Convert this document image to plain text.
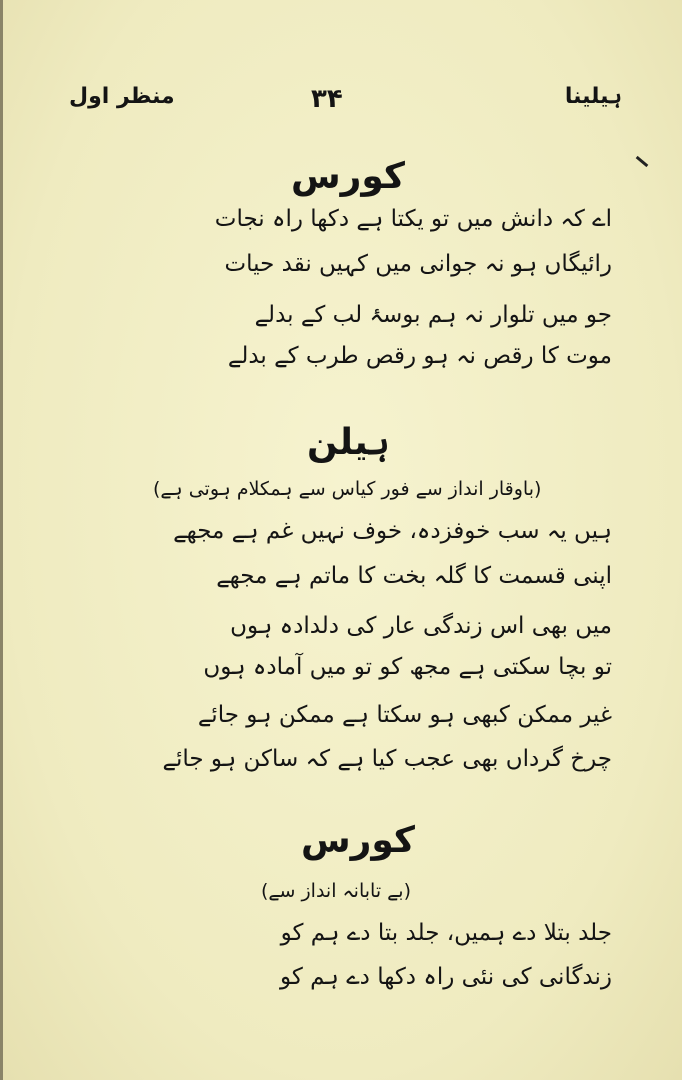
ہیلینا
۳۴
منظر اول
کورس
اے کہ دانش میں تو یکتا ہے دکھا راہ نجات
رائیگاں ہو نہ جوانی میں کہیں نقد حیات
جو میں تلوار نہ ہم بوسۂ لب کے بدلے
موت کا رقص نہ ہو رقص طرب کے بدلے
ہیلن
(باوقار انداز سے فور کیاس سے ہمکلام ہوتی ہے)
ہیں یہ سب خوفزدہ، خوف نہیں غم ہے مجھے
اپنی قسمت کا گلہ بخت کا ماتم ہے مجھے
میں بھی اس زندگی عار کی دلدادہ ہوں
تو بچا سکتی ہے مجھ کو تو میں آمادہ ہوں
غیر ممکن کبھی ہو سکتا ہے ممکن ہو جائے
چرخ گرداں بھی عجب کیا ہے کہ ساکن ہو جائے
کورس
(بے تابانہ انداز سے)
جلد بتلا دے ہمیں، جلد بتا دے ہم کو
زندگانی کی نئی راہ دکھا دے ہم کو
